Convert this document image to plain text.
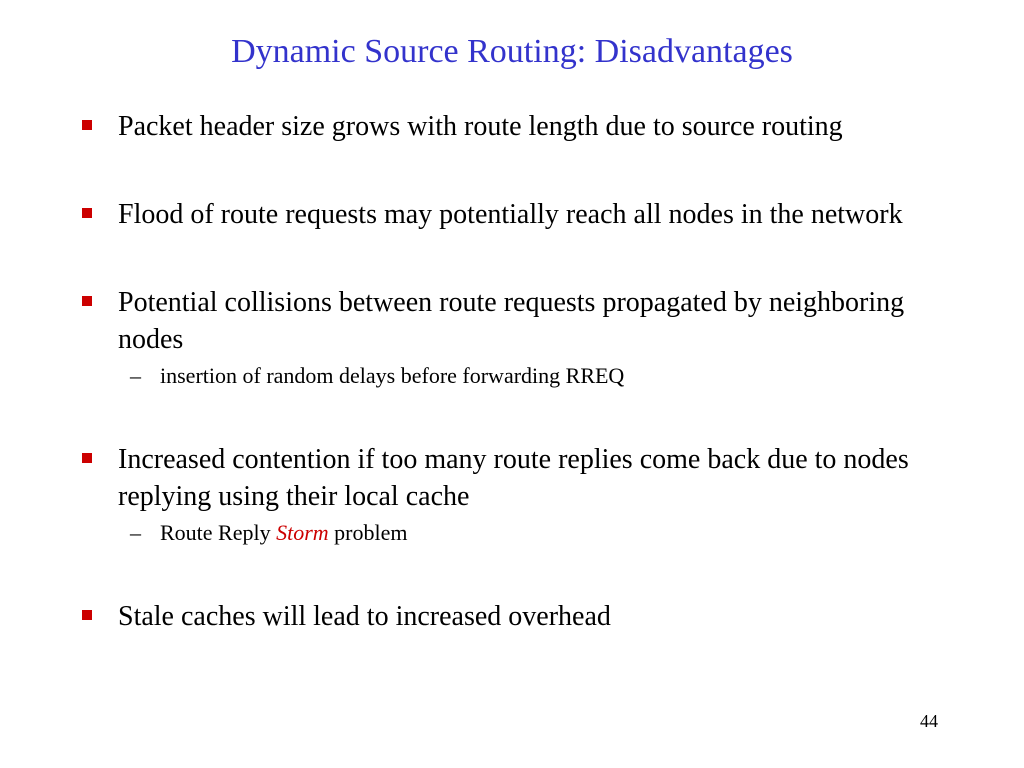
Dynamic Source Routing: Disadvantages
Packet header size grows with route length due to source routing
Flood of route requests may potentially reach all nodes in the network
Potential collisions between route requests propagated by neighboring nodes
– insertion of random delays before forwarding RREQ
Increased contention if too many route replies come back due to nodes replying using their local cache
– Route Reply Storm problem
Stale caches will lead to increased overhead
44
